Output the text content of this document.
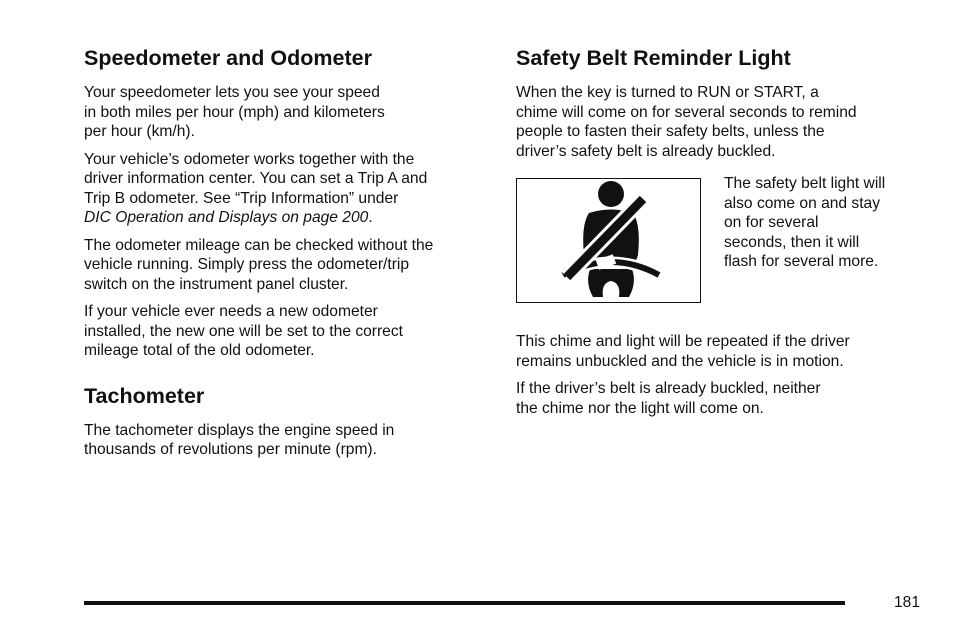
Speedometer and Odometer

Your speedometer lets you see your speed
in both miles per hour (mph) and kilometers
per hour (km/h).

Your vehicle’s odometer works together with the
driver information center. You can set a Trip A and
Trip B odometer. See “Trip Information” under
DIC Operation and Displays on page 200.

The odometer mileage can be checked without the
vehicle running. Simply press the odometer/trip
switch on the instrument panel cluster.

If your vehicle ever needs a new odometer
installed, the new one will be set to the correct
mileage total of the old odometer.

Tachometer

The tachometer displays the engine speed in
thousands of revolutions per minute (rpm).

Safety Belt Reminder Light

When the key is turned to RUN or START, a
chime will come on for several seconds to remind
people to fasten their safety belts, unless the
driver’s safety belt is already buckled.

The safety belt light will
also come on and stay
on for several
seconds, then it will
flash for several more.

This chime and light will be repeated if the driver
remains unbuckled and the vehicle is in motion.

If the driver’s belt is already buckled, neither
the chime nor the light will come on.

181
